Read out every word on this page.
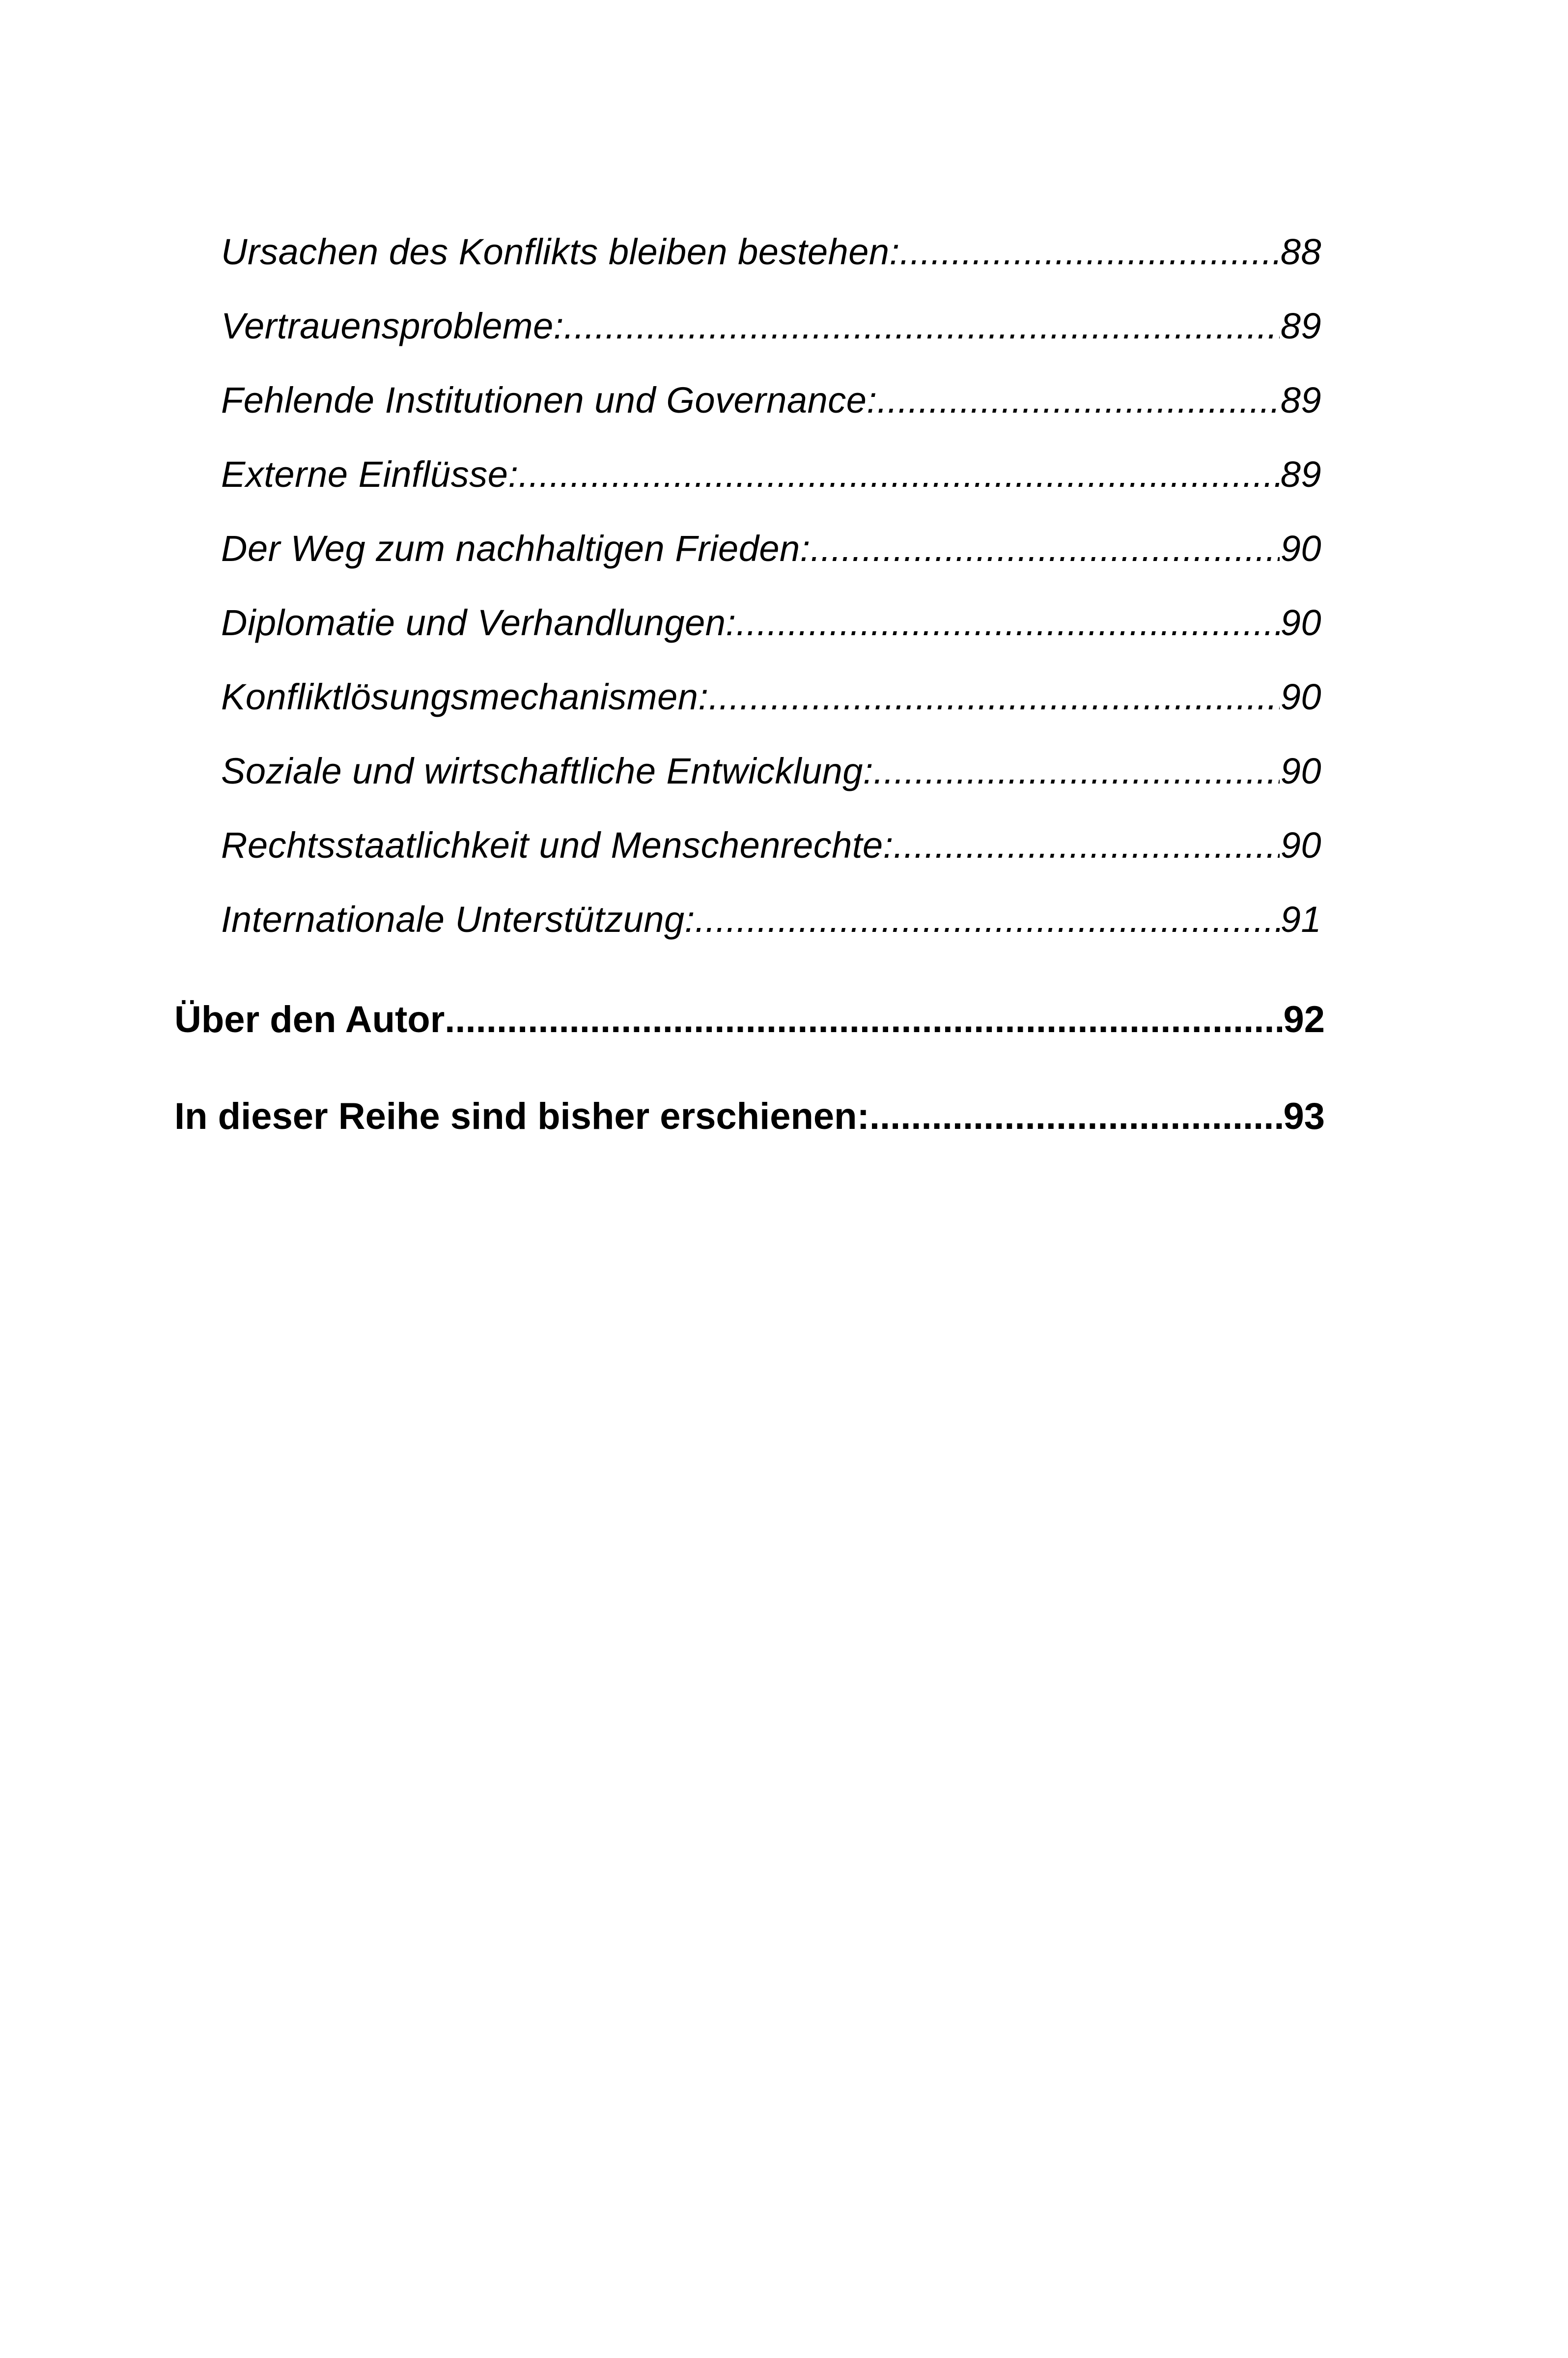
Ursachen des Konflikts bleiben bestehen: .....	88
Vertrauensprobleme: .....	89
Fehlende Institutionen und Governance: .....	89
Externe Einflüsse: .....	89
Der Weg zum nachhaltigen Frieden: .....	90
Diplomatie und Verhandlungen: .....	90
Konfliktlösungsmechanismen: .....	90
Soziale und wirtschaftliche Entwicklung: .....	90
Rechtsstaatlichkeit und Menschenrechte: .....	90
Internationale Unterstützung: .....	91
Über den Autor .....	92
In dieser Reihe sind bisher erschienen: .....	93
